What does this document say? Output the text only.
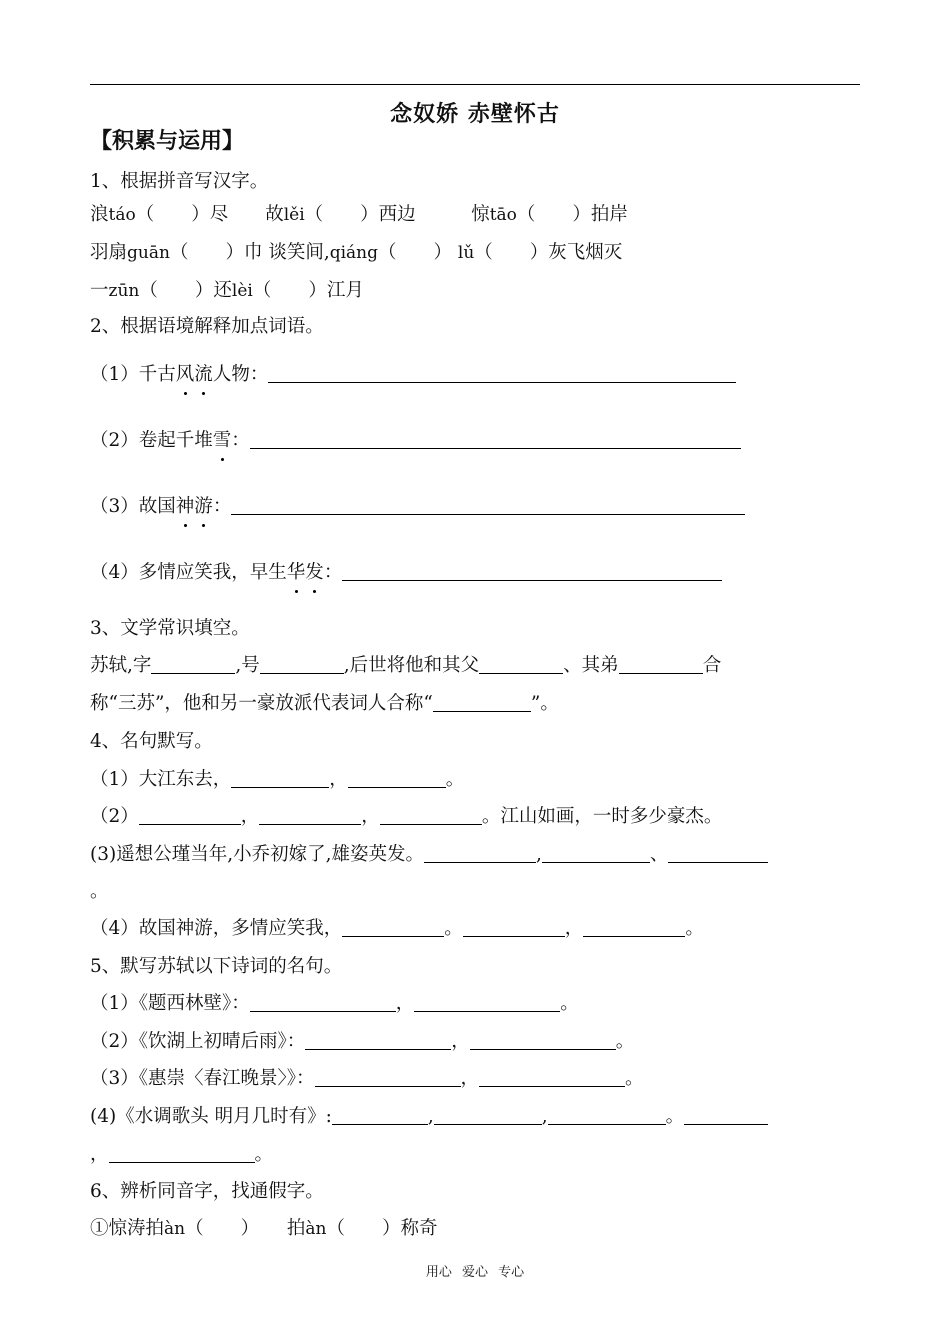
念奴娇 赤壁怀古
【积累与运用】
1、根据拼音写汉字。
浪táo（　　）尽　　故lěi（　　）西边　　　惊tāo（　　）拍岸
羽扇guān（　　）巾 谈笑间,qiáng（　　） lǔ（　　）灰飞烟灭
一zūn（　　）还lèi（　　）江月
2、根据语境解释加点词语。
（1）千古风流人物：
（2）卷起千堆雪：
（3）故国神游：
（4）多情应笑我，早生华发：
3、文学常识填空。
苏轼,字	,号	,后世将他和其父	、其弟	合
称“三苏”，他和另一豪放派代表词人合称“	”。
4、名句默写。
（1）大江东去，	，	。
（2）	，	，	。江山如画，一时多少豪杰。
(3)遥想公瑾当年,小乔初嫁了,雄姿英发。	,	、
。
（4）故国神游，多情应笑我，	。	，	。
5、默写苏轼以下诗词的名句。
（1）《题西林壁》：	，	。
（2）《饮湖上初晴后雨》：	，	。
（3）《惠崇〈春江晚景〉》：	，	。
(4)《水调歌头 明月几时有》:	,	,	。
，	。
6、辨析同音字，找通假字。
①惊涛拍àn（　　）　　拍àn（　　）称奇
用心 爱心 专心
